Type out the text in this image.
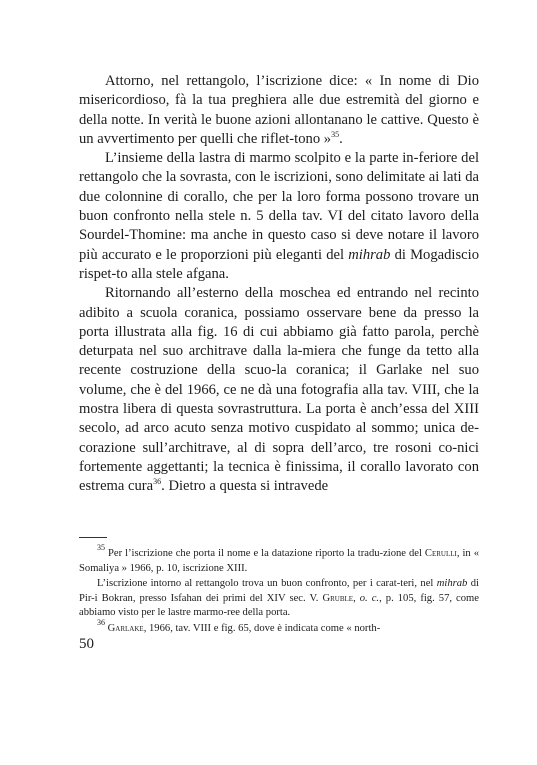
Attorno, nel rettangolo, l’iscrizione dice: « In nome di Dio misericordioso, fà la tua preghiera alle due estremità del giorno e della notte. In verità le buone azioni allontanano le cattive. Questo è un avvertimento per quelli che riflet-tono »$^{35}$.

L’insieme della lastra di marmo scolpito e la parte in-feriore del rettangolo che la sovrasta, con le iscrizioni, sono delimitate ai lati da due colonnine di corallo, che per la loro forma possono trovare un buon confronto nella stele n. 5 della tav. VI del citato lavoro della Sourdel-Thomine: ma anche in questo caso si deve notare il lavoro più accurato e le proporzioni più eleganti del mihrab di Mogadiscio rispet-to alla stele afgana.

Ritornando all’esterno della moschea ed entrando nel recinto adibito a scuola coranica, possiamo osservare bene da presso la porta illustrata alla fig. 16 di cui abbiamo già fatto parola, perchè deturpata nel suo architrave dalla la-miera che funge da tetto alla recente costruzione della scuo-la coranica; il Garlake nel suo volume, che è del 1966, ce ne dà una fotografia alla tav. VIII, che la mostra libera di questa sovrastruttura. La porta è anch’essa del XIII secolo, ad arco acuto senza motivo cuspidato al sommo; unica de-corazione sull’architrave, al di sopra dell’arco, tre rosoni co-nici fortemente aggettanti; la tecnica è finissima, il corallo lavorato con estrema cura$^{36}$. Dietro a questa si intravede

$^{35}$ Per l’iscrizione che porta il nome e la datazione riporto la tradu-zione del Cerulli, in « Somaliya » 1966, p. 10, iscrizione XIII.

L’iscrizione intorno al rettangolo trova un buon confronto, per i carat-teri, nel mihrab di Pir-i Bokran, presso Isfahan dei primi del XIV sec. V. Gruble, o. c., p. 105, fig. 57, come abbiamo visto per le lastre marmo-ree della porta.

$^{36}$ Garlake, 1966, tav. VIII e fig. 65, dove è indicata come « north-

50
